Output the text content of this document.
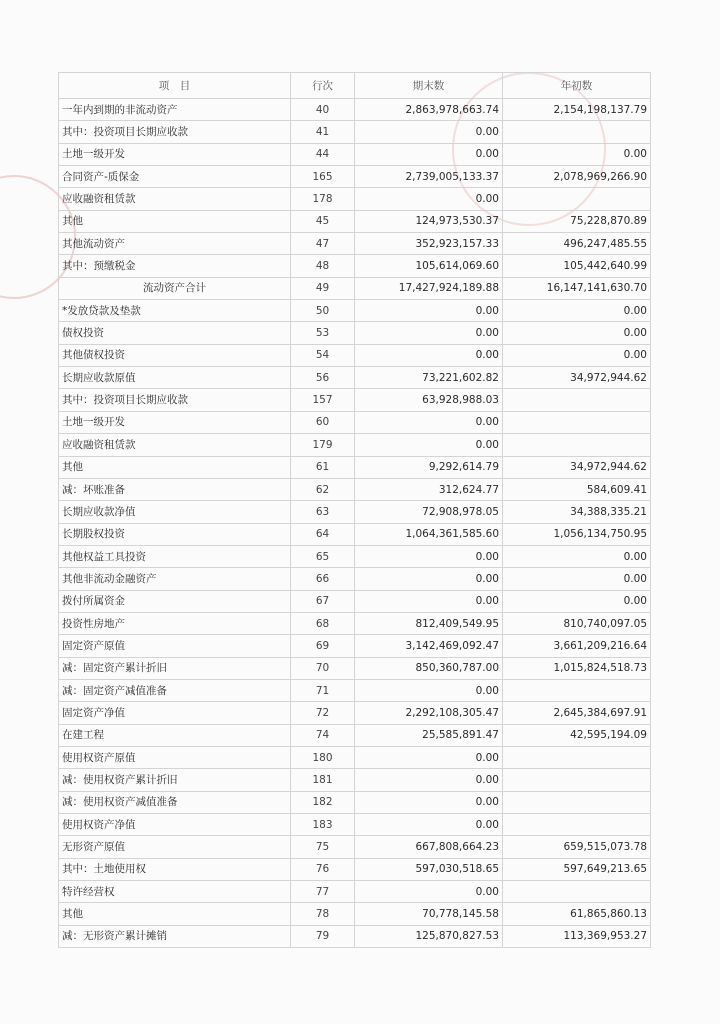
项　目	行次	期末数	年初数
一年内到期的非流动资产	40	2,863,978,663.74	2,154,198,137.79
其中：投资项目长期应收款	41	0.00	
土地一级开发	44	0.00	0.00
合同资产-质保金	165	2,739,005,133.37	2,078,969,266.90
应收融资租赁款	178	0.00	
其他	45	124,973,530.37	75,228,870.89
其他流动资产	47	352,923,157.33	496,247,485.55
其中：预缴税金	48	105,614,069.60	105,442,640.99
流动资产合计	49	17,427,924,189.88	16,147,141,630.70
*发放贷款及垫款	50	0.00	0.00
债权投资	53	0.00	0.00
其他债权投资	54	0.00	0.00
长期应收款原值	56	73,221,602.82	34,972,944.62
其中：投资项目长期应收款	157	63,928,988.03	
土地一级开发	60	0.00	
应收融资租赁款	179	0.00	
其他	61	9,292,614.79	34,972,944.62
减：坏账准备	62	312,624.77	584,609.41
长期应收款净值	63	72,908,978.05	34,388,335.21
长期股权投资	64	1,064,361,585.60	1,056,134,750.95
其他权益工具投资	65	0.00	0.00
其他非流动金融资产	66	0.00	0.00
拨付所属资金	67	0.00	0.00
投资性房地产	68	812,409,549.95	810,740,097.05
固定资产原值	69	3,142,469,092.47	3,661,209,216.64
减：固定资产累计折旧	70	850,360,787.00	1,015,824,518.73
减：固定资产减值准备	71	0.00	
固定资产净值	72	2,292,108,305.47	2,645,384,697.91
在建工程	74	25,585,891.47	42,595,194.09
使用权资产原值	180	0.00	
减：使用权资产累计折旧	181	0.00	
减：使用权资产减值准备	182	0.00	
使用权资产净值	183	0.00	
无形资产原值	75	667,808,664.23	659,515,073.78
其中：土地使用权	76	597,030,518.65	597,649,213.65
特许经营权	77	0.00	
其他	78	70,778,145.58	61,865,860.13
减：无形资产累计摊销	79	125,870,827.53	113,369,953.27
